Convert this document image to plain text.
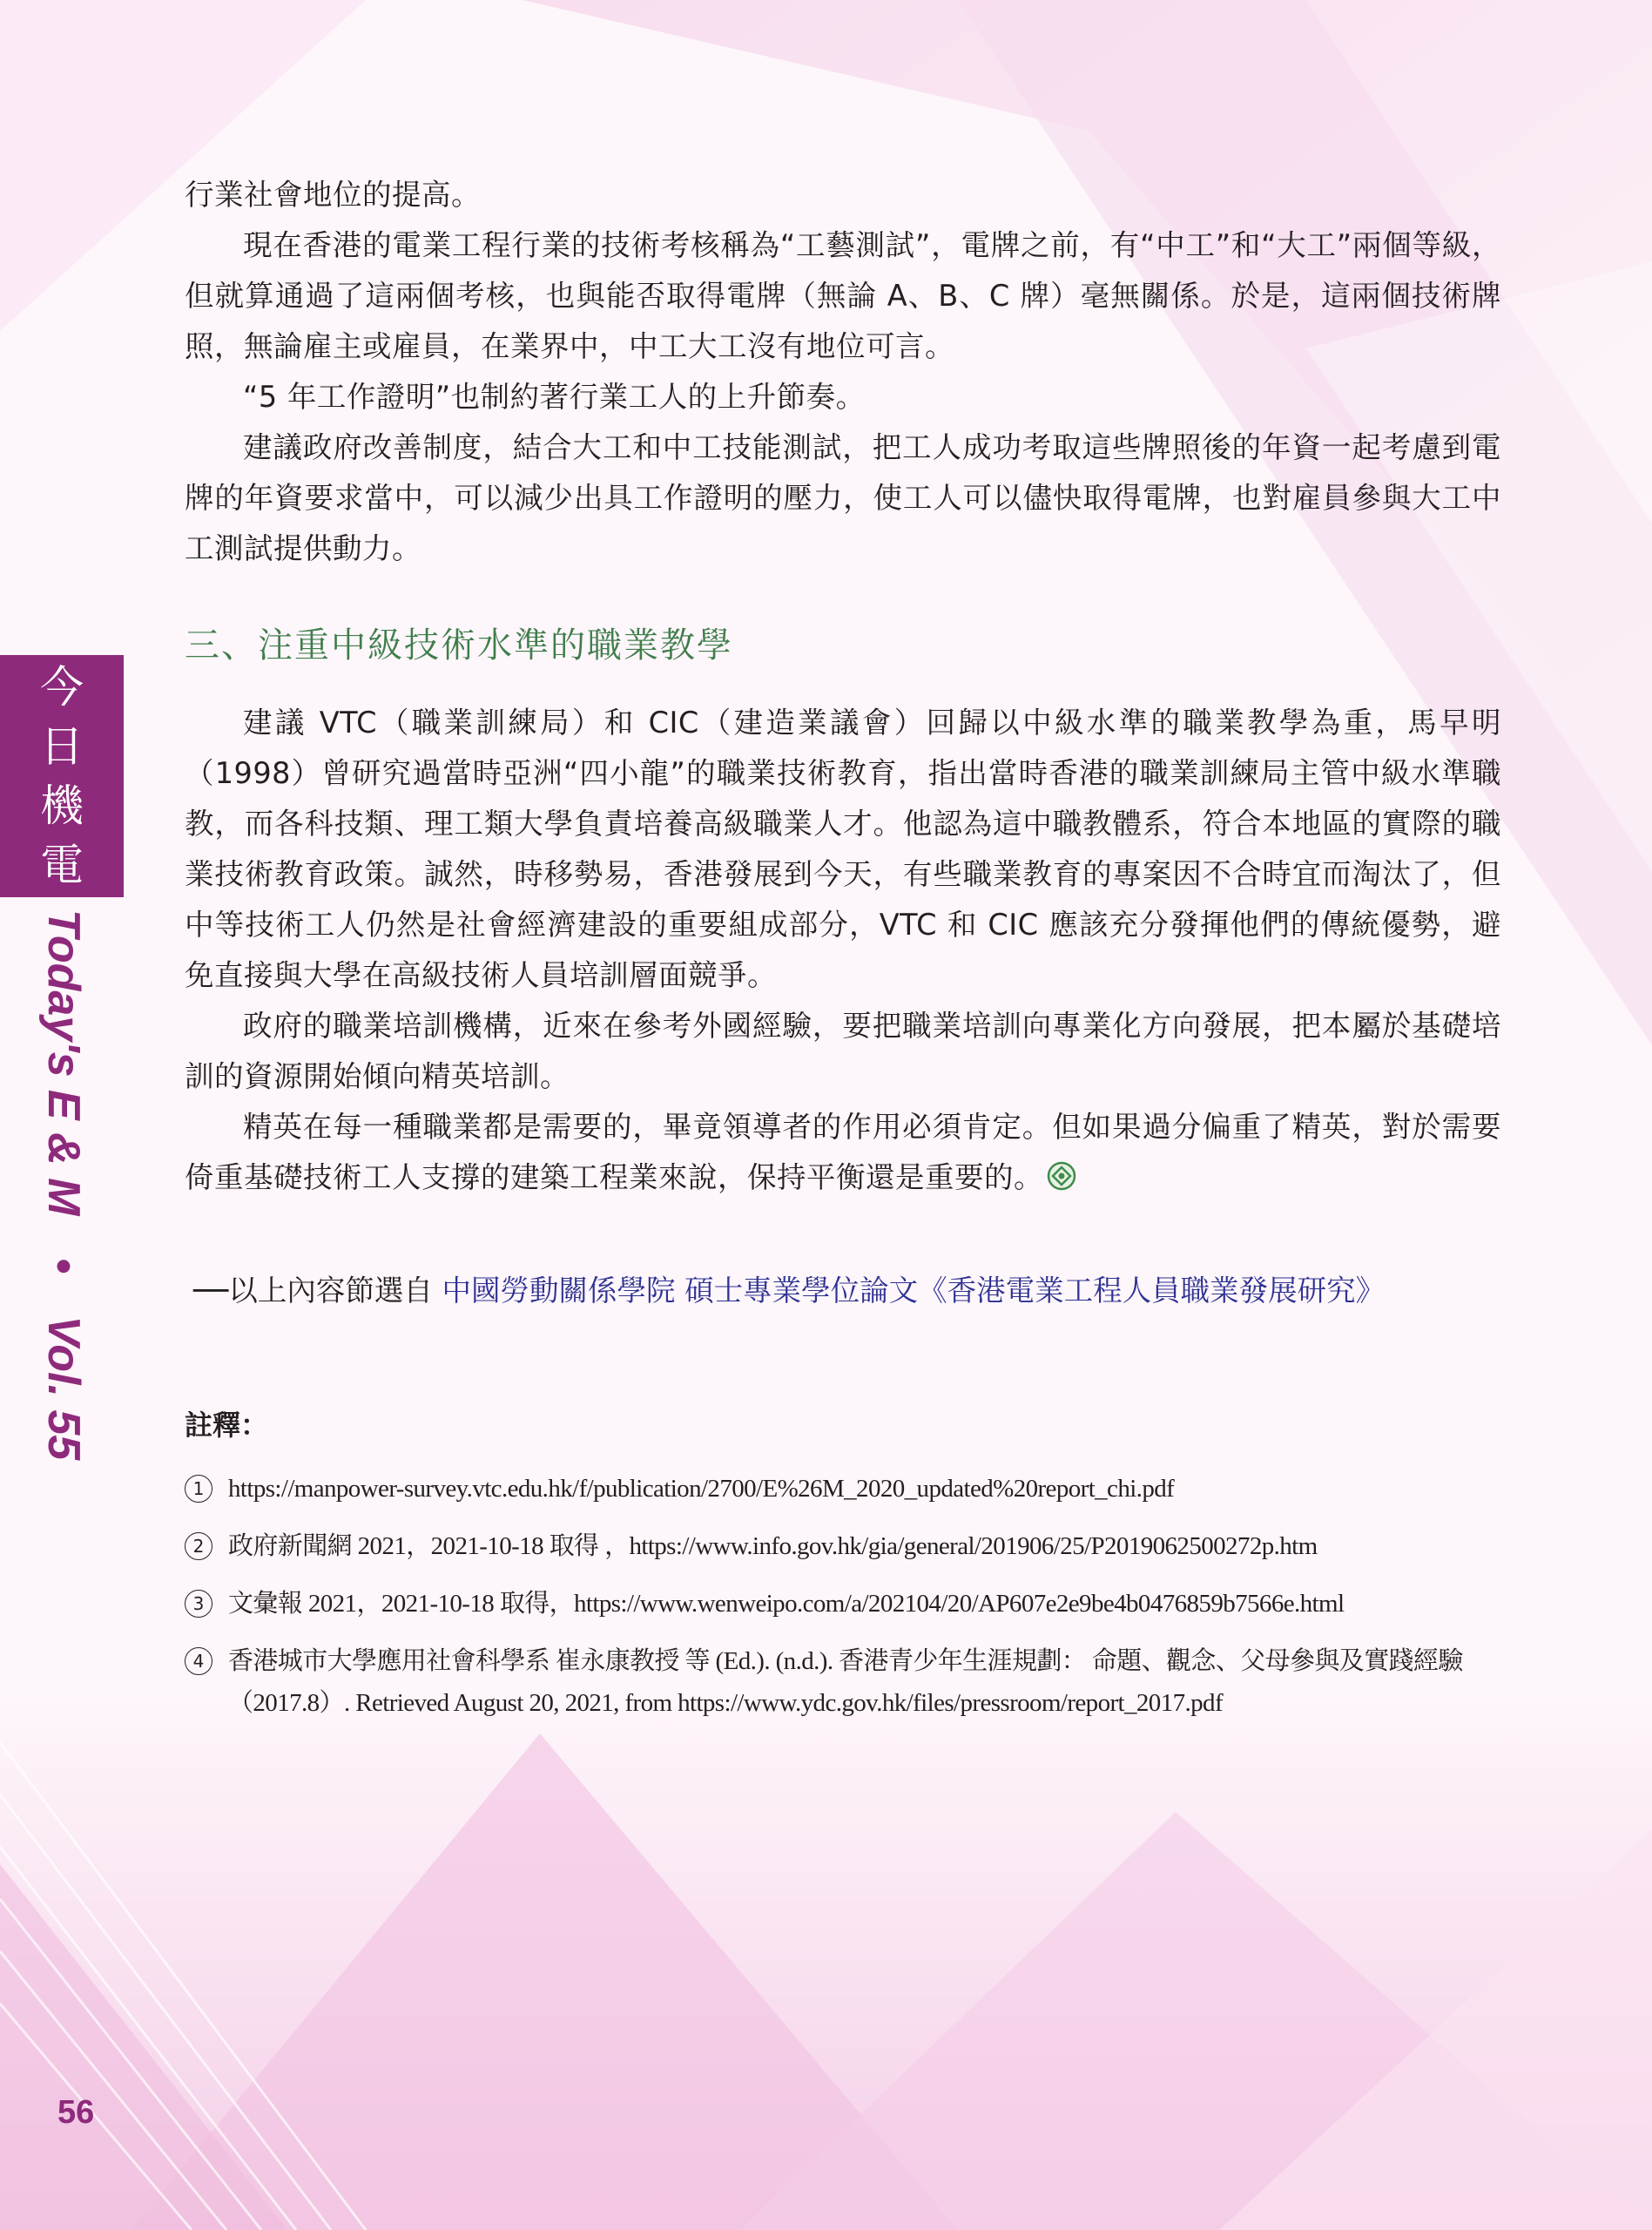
今
日
機
電
Today's E & M • Vol. 55

行業社會地位的提高。

現在香港的電業工程行業的技術考核稱為“工藝測試”，電牌之前，有“中工”和“大工”兩個等級，但就算通過了這兩個考核，也與能否取得電牌（無論 A、B、C 牌）毫無關係。於是，這兩個技術牌照，無論雇主或雇員，在業界中，中工大工沒有地位可言。

“5 年工作證明”也制約著行業工人的上升節奏。

建議政府改善制度，結合大工和中工技能測試，把工人成功考取這些牌照後的年資一起考慮到電牌的年資要求當中，可以減少出具工作證明的壓力，使工人可以儘快取得電牌，也對雇員參與大工中工測試提供動力。

三、注重中級技術水準的職業教學

建議 VTC（職業訓練局）和 CIC（建造業議會）回歸以中級水準的職業教學為重，馬早明（1998）曾研究過當時亞洲“四小龍”的職業技術教育，指出當時香港的職業訓練局主管中級水準職教，而各科技類、理工類大學負責培養高級職業人才。他認為這中職教體系，符合本地區的實際的職業技術教育政策。誠然，時移勢易，香港發展到今天，有些職業教育的專案因不合時宜而淘汰了，但中等技術工人仍然是社會經濟建設的重要組成部分，VTC 和 CIC 應該充分發揮他們的傳統優勢，避免直接與大學在高級技術人員培訓層面競爭。

政府的職業培訓機構，近來在參考外國經驗，要把職業培訓向專業化方向發展，把本屬於基礎培訓的資源開始傾向精英培訓。

精英在每一種職業都是需要的，畢竟領導者的作用必須肯定。但如果過分偏重了精英，對於需要倚重基礎技術工人支撐的建築工程業來說，保持平衡還是重要的。

──以上內容節選自 中國勞動關係學院 碩士專業學位論文《香港電業工程人員職業發展研究》
註釋：
1 https://manpower-survey.vtc.edu.hk/f/publication/2700/E%26M_2020_updated%20report_chi.pdf
2 政府新聞網 2021，2021-10-18 取得 ，https://www.info.gov.hk/gia/general/201906/25/P2019062500272p.htm
3 文彙報 2021，2021-10-18 取得，https://www.wenweipo.com/a/202104/20/AP607e2e9be4b0476859b7566e.html
4 香港城市大學應用社會科學系 崔永康教授 等 (Ed.). (n.d.). 香港青少年生涯規劃： 命題、觀念、父母參與及實踐經驗（2017.8）. Retrieved August 20, 2021, from https://www.ydc.gov.hk/files/pressroom/report_2017.pdf
56
